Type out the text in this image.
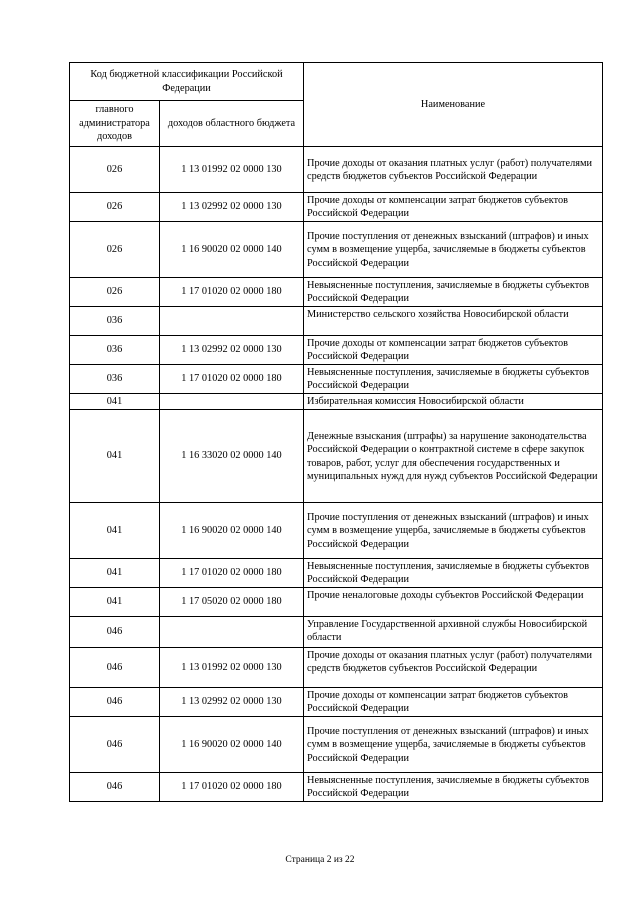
Код бюджетной классификации Российской Федерации		Наименование
главного администратора доходов	доходов областного бюджета	
026	1 13 01992 02 0000 130	Прочие доходы от оказания платных услуг (работ) получателями средств бюджетов субъектов Российской Федерации
026	1 13 02992 02 0000 130	Прочие доходы от компенсации затрат бюджетов субъектов Российской Федерации
026	1 16 90020 02 0000 140	Прочие поступления от денежных взысканий (штрафов) и иных сумм в возмещение ущерба, зачисляемые в бюджеты субъектов Российской Федерации
026	1 17 01020 02 0000 180	Невыясненные поступления, зачисляемые в бюджеты субъектов Российской Федерации
036		Министерство сельского хозяйства Новосибирской области
036	1 13 02992 02 0000 130	Прочие доходы от компенсации затрат бюджетов субъектов Российской Федерации
036	1 17 01020 02 0000 180	Невыясненные поступления, зачисляемые в бюджеты субъектов Российской Федерации
041		Избирательная комиссия Новосибирской области
041	1 16 33020 02 0000 140	Денежные взыскания (штрафы) за нарушение законодательства Российской Федерации о контрактной системе в сфере закупок товаров, работ, услуг для обеспечения государственных и муниципальных нужд для нужд субъектов Российской Федерации
041	1 16 90020 02 0000 140	Прочие поступления от денежных взысканий (штрафов) и иных сумм в возмещение ущерба, зачисляемые в бюджеты субъектов Российской Федерации
041	1 17 01020 02 0000 180	Невыясненные поступления, зачисляемые в бюджеты субъектов Российской Федерации
041	1 17 05020 02 0000 180	Прочие неналоговые доходы субъектов Российской Федерации
046		Управление Государственной архивной службы Новосибирской области
046	1 13 01992 02 0000 130	Прочие доходы от оказания платных услуг (работ) получателями средств бюджетов субъектов Российской Федерации
046	1 13 02992 02 0000 130	Прочие доходы от компенсации затрат бюджетов субъектов Российской Федерации
046	1 16 90020 02 0000 140	Прочие поступления от денежных взысканий (штрафов) и иных сумм в возмещение ущерба, зачисляемые в бюджеты субъектов Российской Федерации
046	1 17 01020 02 0000 180	Невыясненные поступления, зачисляемые в бюджеты субъектов Российской Федерации
Страница 2 из 22
